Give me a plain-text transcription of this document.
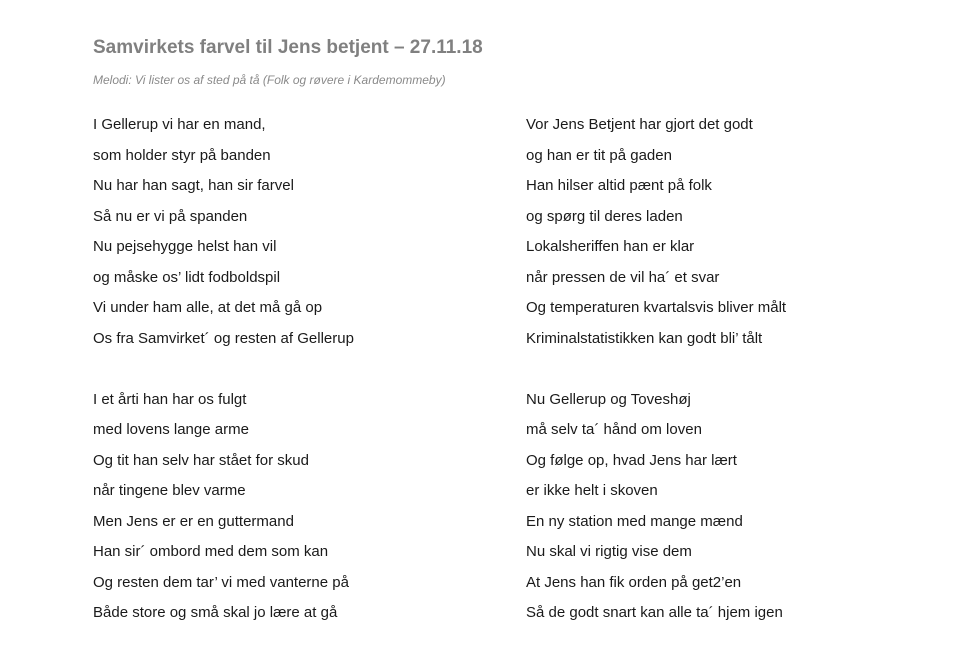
Samvirkets farvel til Jens betjent – 27.11.18

Melodi: Vi lister os af sted på tå (Folk og røvere i Kardemommeby)

I Gellerup vi har en mand,
som holder styr på banden
Nu har han sagt, han sir farvel
Så nu er vi på spanden
Nu pejsehygge helst han vil
og måske os’ lidt fodboldspil
Vi under ham alle, at det må gå op
Os fra Samvirket´ og resten af Gellerup
I et årti han har os fulgt
med lovens lange arme
Og tit han selv har stået for skud
når tingene blev varme
Men Jens er er en guttermand
Han sir´ ombord med dem som kan
Og resten dem tar’ vi med vanterne på
Både store og små skal jo lære at gå
Vor Jens Betjent har gjort det godt
og han er tit på gaden
Han hilser altid pænt på folk
og spørg til deres laden
Lokalsheriffen han er klar
når pressen de vil ha´ et svar
Og temperaturen kvartalsvis bliver målt
Kriminalstatistikken kan godt bli’ tålt
Nu Gellerup og Toveshøj
må selv ta´ hånd om loven
Og følge op, hvad Jens har lært
er ikke helt i skoven
En ny station med mange mænd
Nu skal vi rigtig vise dem
At Jens han fik orden på get2’en
Så de godt snart kan alle ta´ hjem igen
